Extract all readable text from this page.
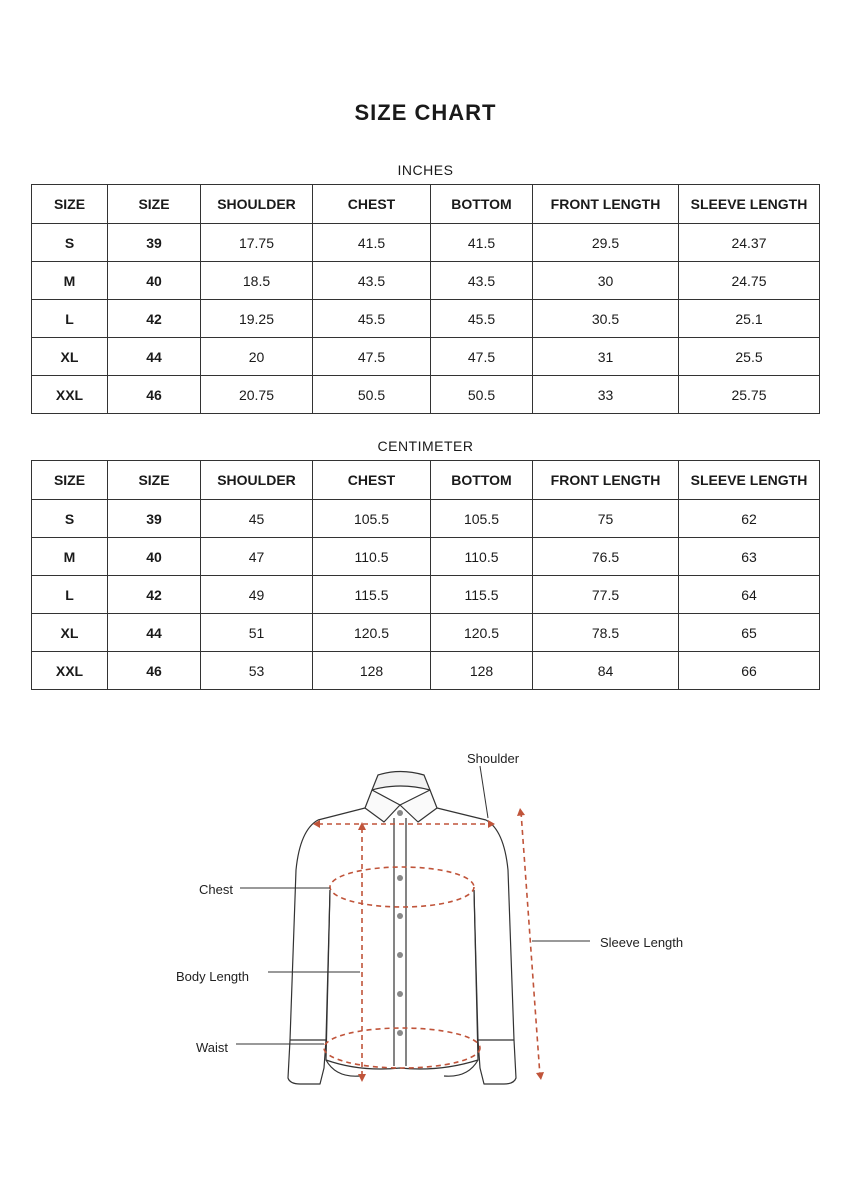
SIZE CHART
INCHES
SIZE	SIZE	SHOULDER	CHEST	BOTTOM	FRONT LENGTH	SLEEVE LENGTH
S	39	17.75	41.5	41.5	29.5	24.37
M	40	18.5	43.5	43.5	30	24.75
L	42	19.25	45.5	45.5	30.5	25.1
XL	44	20	47.5	47.5	31	25.5
XXL	46	20.75	50.5	50.5	33	25.75
CENTIMETER
SIZE	SIZE	SHOULDER	CHEST	BOTTOM	FRONT LENGTH	SLEEVE LENGTH
S	39	45	105.5	105.5	75	62
M	40	47	110.5	110.5	76.5	63
L	42	49	115.5	115.5	77.5	64
XL	44	51	120.5	120.5	78.5	65
XXL	46	53	128	128	84	66
Shoulder
Chest
Body Length
Waist
Sleeve Length
